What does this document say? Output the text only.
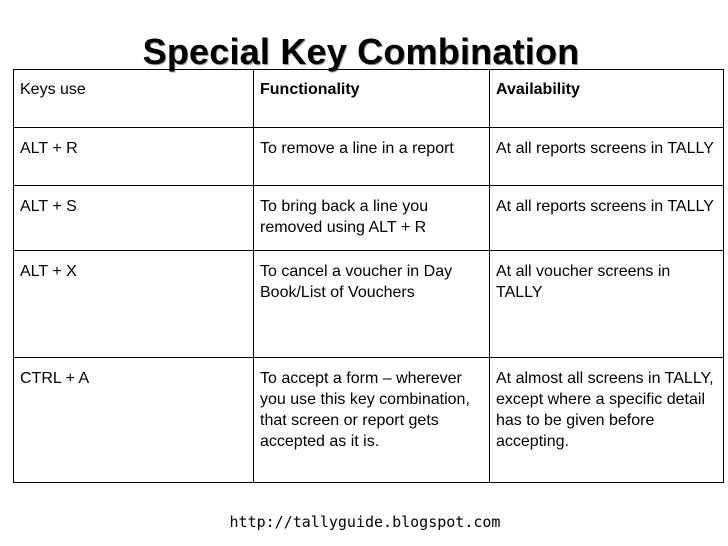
Special Key Combination
Keys use	Functionality	Availability
ALT + R	To remove a line in a report	At all reports screens in TALLY
ALT + S	To bring back a line you removed using ALT + R	At all reports screens in TALLY
ALT + X	To cancel a voucher in Day Book/List of Vouchers	At all voucher screens in TALLY
CTRL + A	To accept a form – wherever you use this key combination, that screen or report gets accepted as it is.	At almost all screens in TALLY, except where a specific detail has to be given before accepting.
http://tallyguide.blogspot.com
